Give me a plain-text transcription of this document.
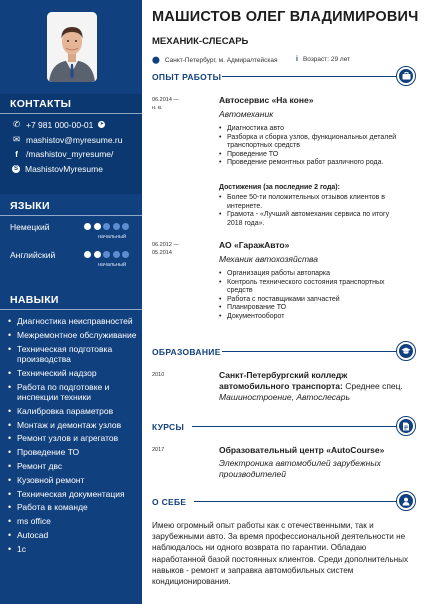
КОНТАКТЫ
✆ +7 981 000-00-01 ➤
✉ mashistov@myresume.ru
f /mashistov_myresume/
S MashistovMyresume
ЯЗЫКИ
Немецкий
начальный
Английский
начальный
НАВЫКИ
• Диагностика неисправностей
• Межремонтное обслуживание
• Техническая подготовка производства
• Технический надзор
• Работа по подготовке и инспекции техники
• Калибровка параметров
• Монтаж и демонтаж узлов
• Ремонт узлов и агрегатов
• Проведение ТО
• Ремонт двс
• Кузовной ремонт
• Техническая документация
• Работа в команде
• ms office
• Autocad
• 1с
МАШИСТОВ ОЛЕГ ВЛАДИМИРОВИЧ
МЕХАНИК-СЛЕСАРЬ
⬤ Санкт-Петербург, м. Адмиралтейская	i Возраст: 29 лет
ОПЫТ РАБОТЫ
06.2014 —
н. в.
Автосервис «На коне»
Автомеханик
• Диагностика авто
• Разборка и сборка узлов, функциональных деталей транспортных средств
• Проведение ТО
• Проведение ремонтных работ различного рода.
Достижения (за последние 2 года):
• Более 50-ти положительных отзывов клиентов в интернете.
• Грамота - «Лучший автомеханик сервиса по итогу 2018 года».
06.2012 —
05.2014
АО «ГаражАвто»
Механик автохозяйства
• Организация работы автопарка
• Контроль технического состояния транспортных средств
• Работа с поставщиками запчастей
• Планирование ТО
• Документооборот
ОБРАЗОВАНИЕ
2010	Санкт-Петербургский колледж автомобильного транспорта: Среднее спец.
Машиностроение, Автослесарь
КУРСЫ
2017	Образовательный центр «AutoCourse»
Электроника автомобилей зарубежных производителей
О СЕБЕ
Имею огромный опыт работы как с отечественными, так и зарубежными авто. За время профессиональной деятельности не наблюдалось ни одного возврата по гарантии. Обладаю наработанной базой постоянных клиентов. Среди дополнительных навыков - ремонт и заправка автомобильных систем кондиционирования.
